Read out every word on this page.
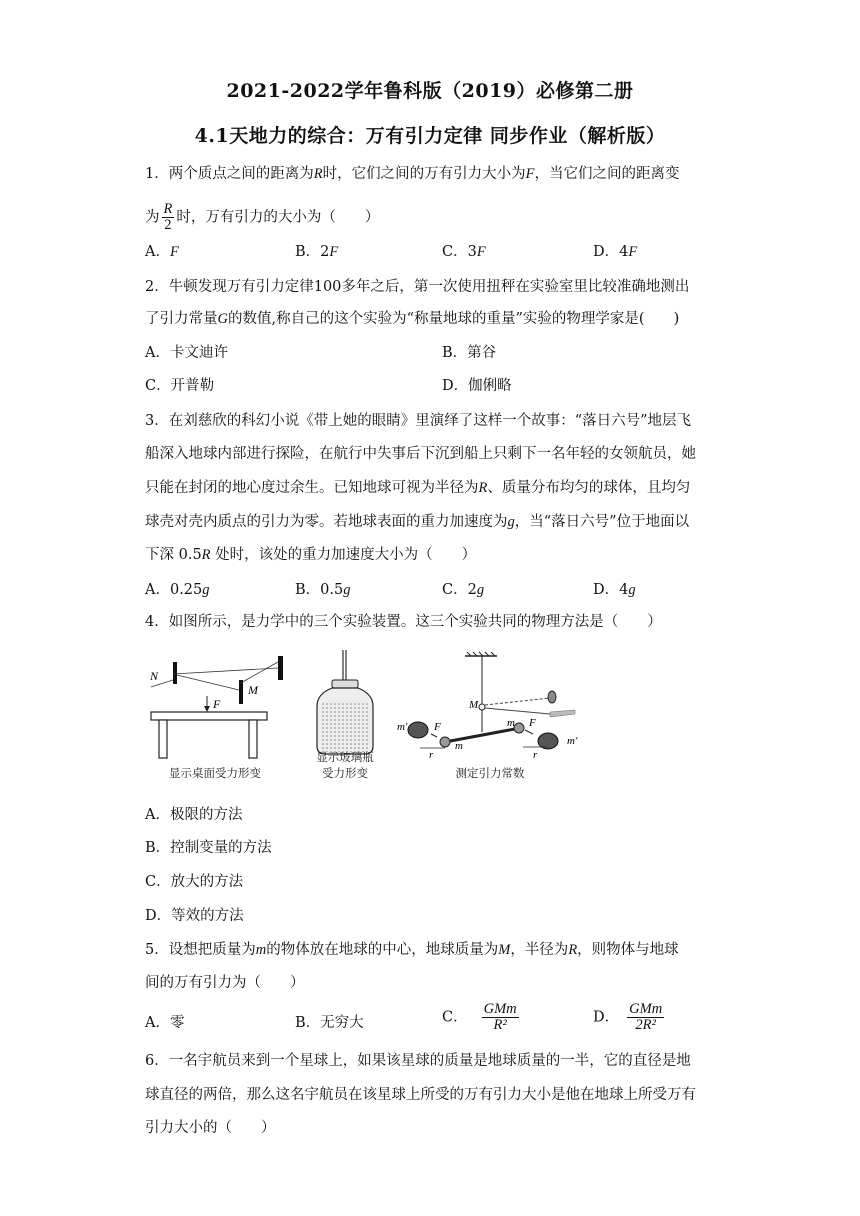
2021-2022学年鲁科版（2019）必修第二册
4.1天地力的综合：万有引力定律 同步作业（解析版）
1．两个质点之间的距离为R时，它们之间的万有引力大小为F，当它们之间的距离变
为 $\frac{R}{2}$ 时，万有引力的大小为（　　）
A．F	B．2F	C．3F	D．4F
2．牛顿发现万有引力定律100多年之后，第一次使用扭秤在实验室里比较准确地测出
了引力常量G的数值,称自己的这个实验为“称量地球的重量”实验的物理学家是(　　)
A．卡文迪许	B．第谷
C．开普勒	D．伽俐略
3．在刘慈欣的科幻小说《带上她的眼睛》里演绎了这样一个故事：“落日六号”地层飞
船深入地球内部进行探险，在航行中失事后下沉到船上只剩下一名年轻的女领航员，她
只能在封闭的地心度过余生。已知地球可视为半径为R、质量分布均匀的球体，且均匀
球壳对壳内质点的引力为零。若地球表面的重力加速度为g，当“落日六号”位于地面以
下深 0.5R 处时，该处的重力加速度大小为（　　）
A．0.25g	B．0.5g	C．2g	D．4g
4．如图所示，是力学中的三个实验装置。这三个实验共同的物理方法是（　　）
N
M
F
m'
m'
M
m
m
F	F
r	r
显示桌面受力形变
显示玻璃瓶
受力形变	测定引力常数
A．极限的方法
B．控制变量的方法
C．放大的方法
D．等效的方法
5．设想把质量为m的物体放在地球的中心，地球质量为M，半径为R，则物体与地球
间的万有引力为（　　）
A．零	B．无穷大	C． $\frac{\text{GMm}}{\text{R²}}$	D． $\frac{\text{GMm}}{\text{2R²}}$
6．一名宇航员来到一个星球上，如果该星球的质量是地球质量的一半，它的直径是地
球直径的两倍，那么这名宇航员在该星球上所受的万有引力大小是他在地球上所受万有
引力大小的（　　）
